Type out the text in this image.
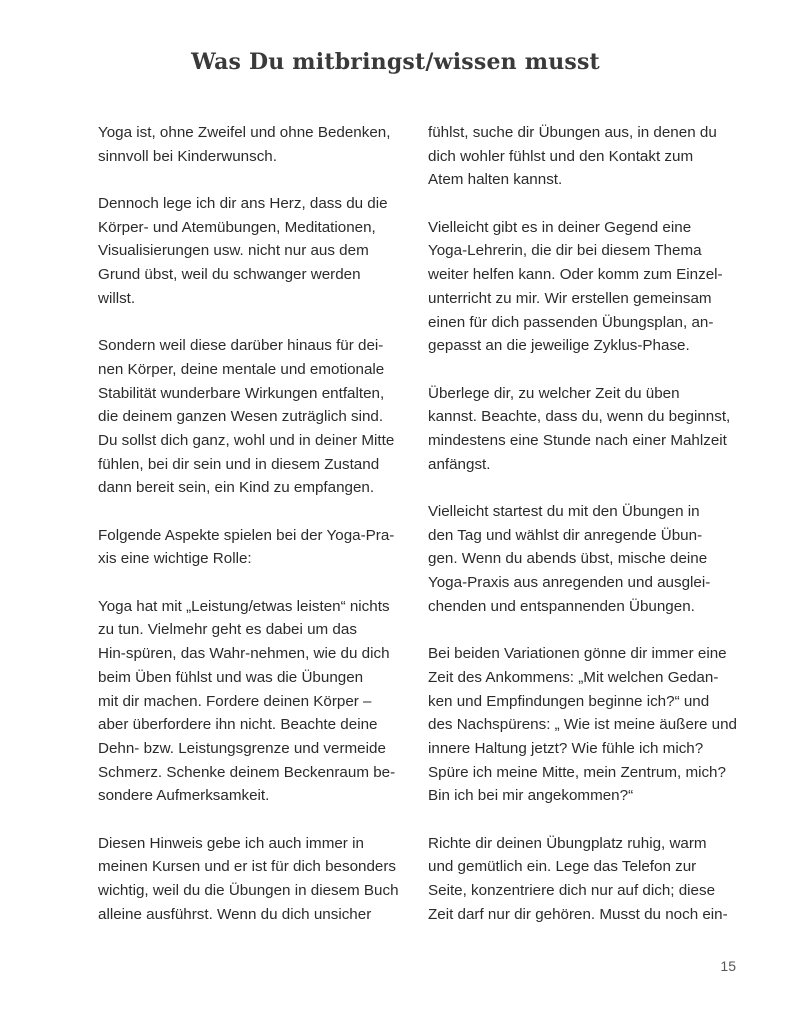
Was Du mitbringst/wissen musst

Yoga ist, ohne Zweifel und ohne Bedenken,
sinnvoll bei Kinderwunsch.

Dennoch lege ich dir ans Herz, dass du die
Körper- und Atemübungen, Meditationen,
Visualisierungen usw. nicht nur aus dem
Grund übst, weil du schwanger werden
willst.

Sondern weil diese darüber hinaus für dei-
nen Körper, deine mentale und emotionale
Stabilität wunderbare Wirkungen entfalten,
die deinem ganzen Wesen zuträglich sind.
Du sollst dich ganz, wohl und in deiner Mitte
fühlen, bei dir sein und in diesem Zustand
dann bereit sein, ein Kind zu empfangen.

Folgende Aspekte spielen bei der Yoga-Pra-
xis eine wichtige Rolle:

Yoga hat mit „Leistung/etwas leisten“ nichts
zu tun. Vielmehr geht es dabei um das
Hin-spüren, das Wahr-nehmen, wie du dich
beim Üben fühlst und was die Übungen
mit dir machen. Fordere deinen Körper –
aber überfordere ihn nicht. Beachte deine
Dehn- bzw. Leistungsgrenze und vermeide
Schmerz. Schenke deinem Beckenraum be-
sondere Aufmerksamkeit.

Diesen Hinweis gebe ich auch immer in
meinen Kursen und er ist für dich besonders
wichtig, weil du die Übungen in diesem Buch
alleine ausführst. Wenn du dich unsicher

fühlst, suche dir Übungen aus, in denen du
dich wohler fühlst und den Kontakt zum
Atem halten kannst.

Vielleicht gibt es in deiner Gegend eine
Yoga-Lehrerin, die dir bei diesem Thema
weiter helfen kann. Oder komm zum Einzel-
unterricht zu mir. Wir erstellen gemeinsam
einen für dich passenden Übungsplan, an-
gepasst an die jeweilige Zyklus-Phase.

Überlege dir, zu welcher Zeit du üben
kannst. Beachte, dass du, wenn du beginnst,
mindestens eine Stunde nach einer Mahlzeit
anfängst.

Vielleicht startest du mit den Übungen in
den Tag und wählst dir anregende Übun-
gen. Wenn du abends übst, mische deine
Yoga-Praxis aus anregenden und ausglei-
chenden und entspannenden Übungen.

Bei beiden Variationen gönne dir immer eine
Zeit des Ankommens: „Mit welchen Gedan-
ken und Empfindungen beginne ich?“ und
des Nachspürens: „ Wie ist meine äußere und
innere Haltung jetzt? Wie fühle ich mich?
Spüre ich meine Mitte, mein Zentrum, mich?
Bin ich bei mir angekommen?“

Richte dir deinen Übungplatz ruhig, warm
und gemütlich ein. Lege das Telefon zur
Seite, konzentriere dich nur auf dich; diese
Zeit darf nur dir gehören. Musst du noch ein-

15
